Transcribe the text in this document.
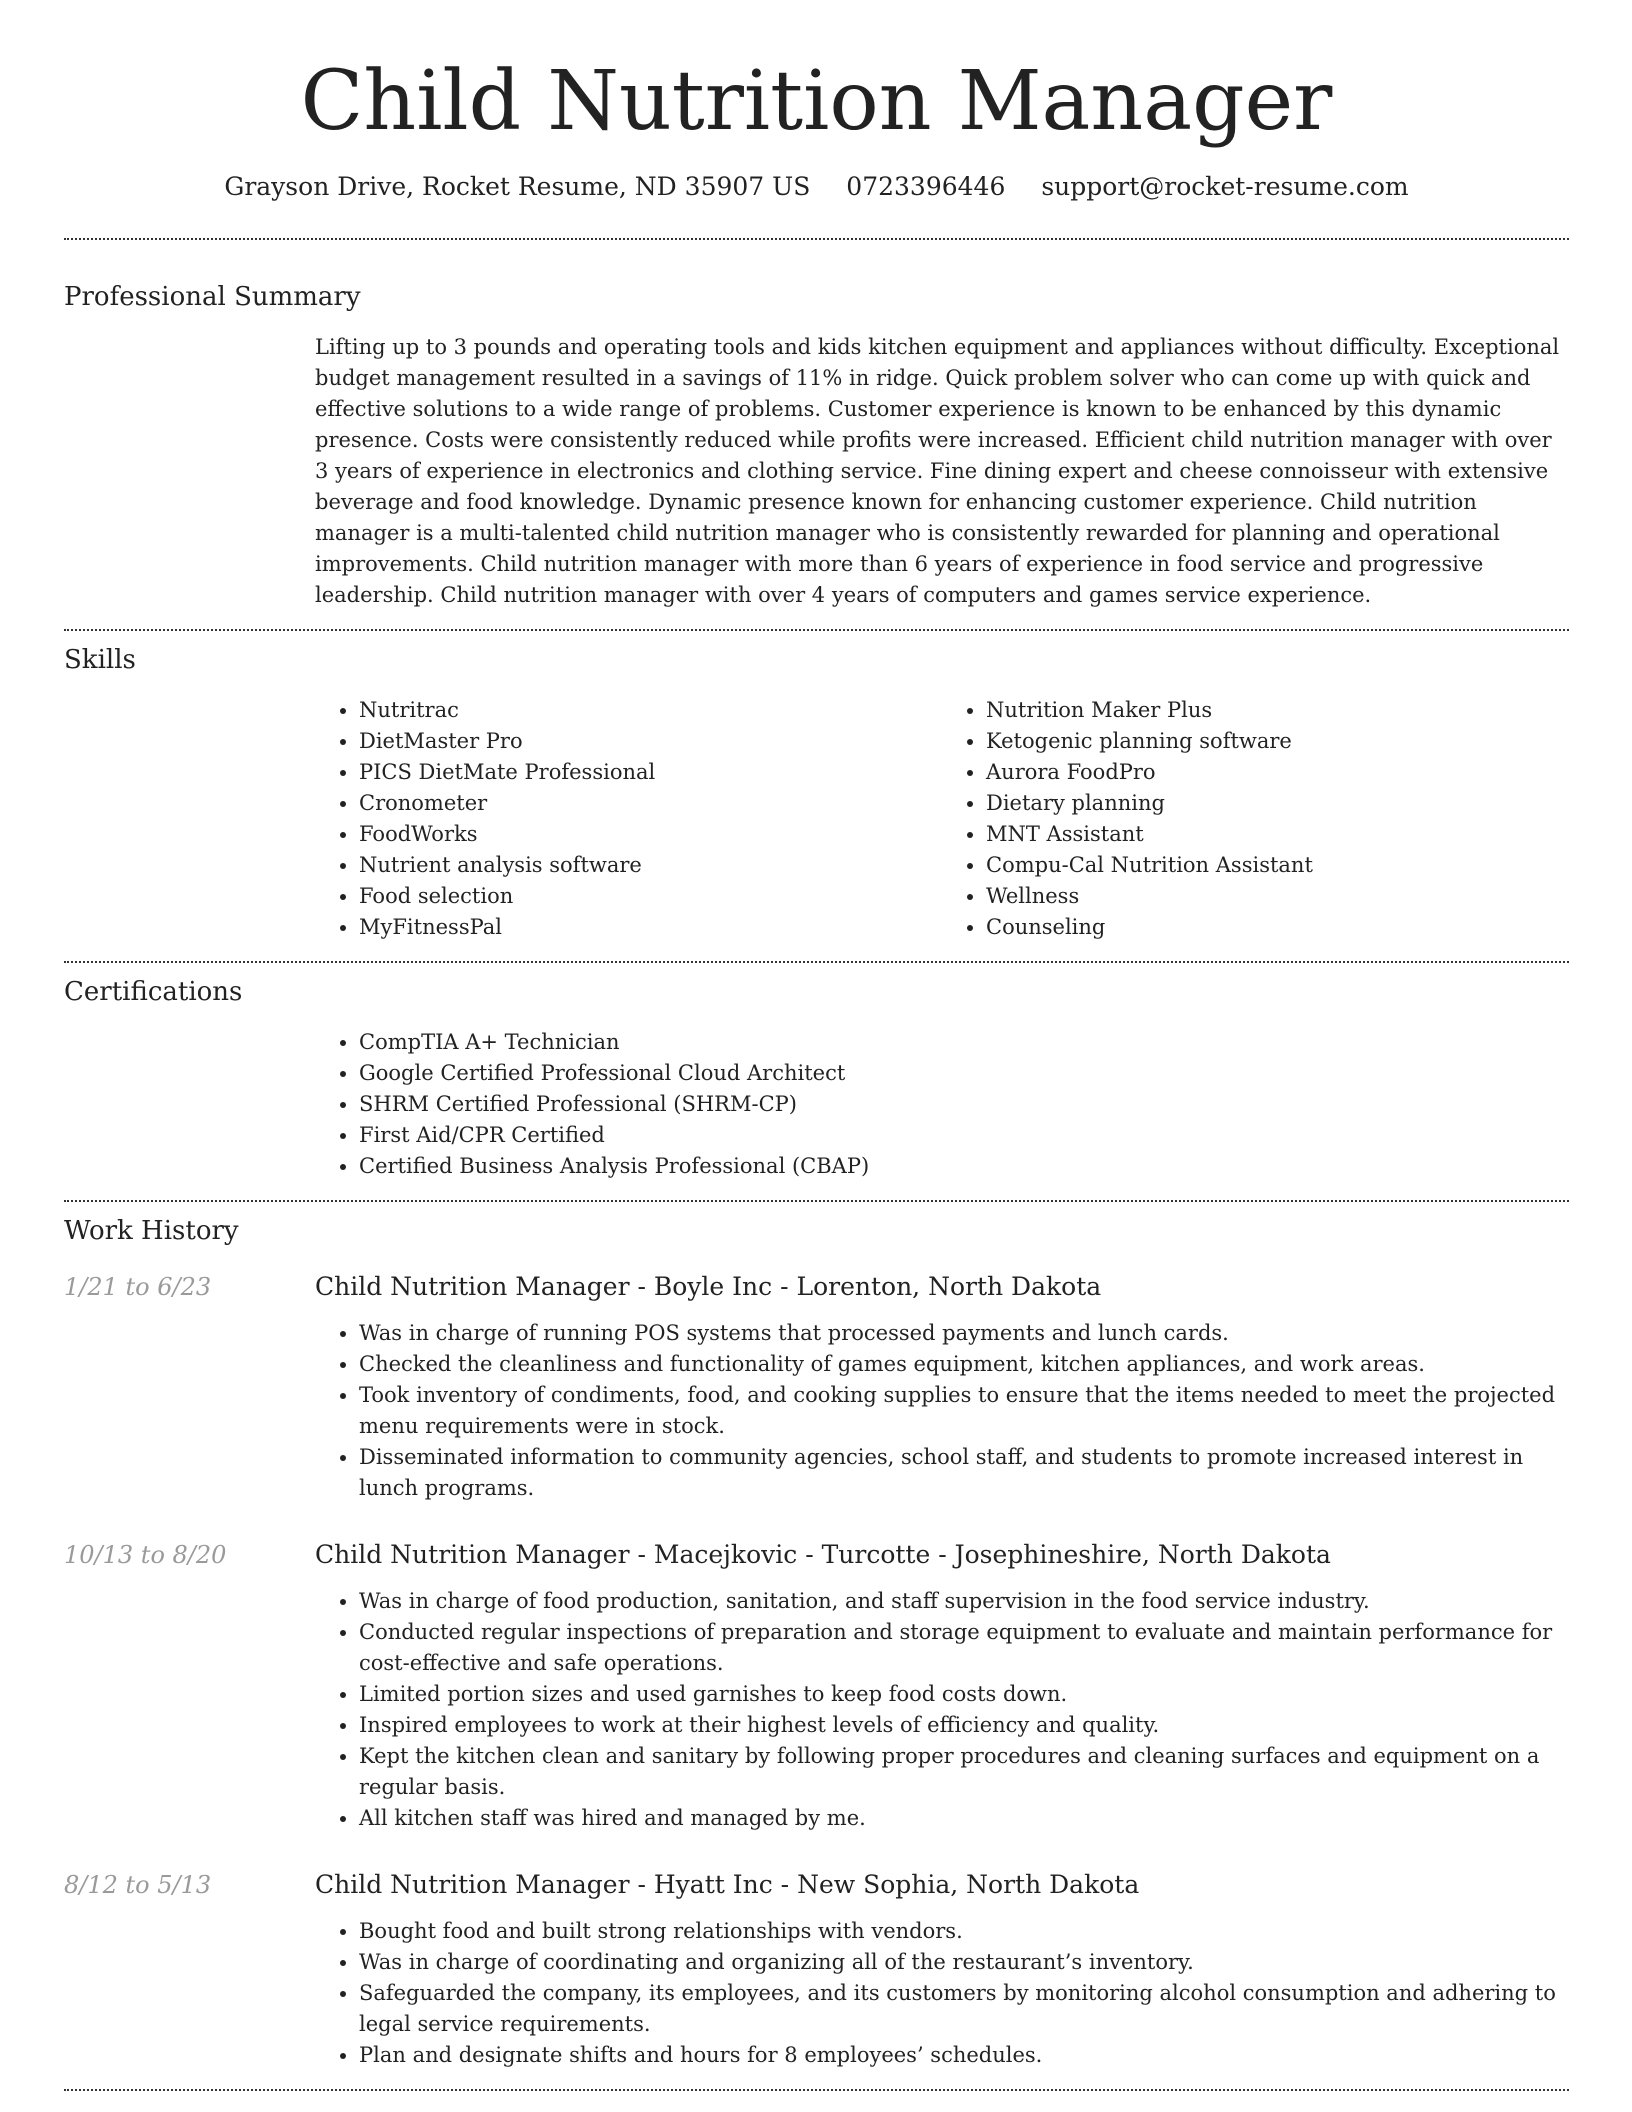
Child Nutrition Manager
Grayson Drive, Rocket Resume, ND 35907 US 0723396446 support@rocket-resume.com
Professional Summary

Lifting up to 3 pounds and operating tools and kids kitchen equipment and appliances without difficulty. Exceptional budget management resulted in a savings of 11% in ridge. Quick problem solver who can come up with quick and effective solutions to a wide range of problems. Customer experience is known to be enhanced by this dynamic presence. Costs were consistently reduced while profits were increased. Efficient child nutrition manager with over 3 years of experience in electronics and clothing service. Fine dining expert and cheese connoisseur with extensive beverage and food knowledge. Dynamic presence known for enhancing customer experience. Child nutrition manager is a multi-talented child nutrition manager who is consistently rewarded for planning and operational improvements. Child nutrition manager with more than 6 years of experience in food service and progressive leadership. Child nutrition manager with over 4 years of computers and games service experience.

Skills
• Nutritrac
• DietMaster Pro
• PICS DietMate Professional
• Cronometer
• FoodWorks
• Nutrient analysis software
• Food selection
• MyFitnessPal
• Nutrition Maker Plus
• Ketogenic planning software
• Aurora FoodPro
• Dietary planning
• MNT Assistant
• Compu-Cal Nutrition Assistant
• Wellness
• Counseling
Certifications
• CompTIA A+ Technician
• Google Certified Professional Cloud Architect
• SHRM Certified Professional (SHRM-CP)
• First Aid/CPR Certified
• Certified Business Analysis Professional (CBAP)
Work History
1/21 to 6/23	Child Nutrition Manager - Boyle Inc - Lorenton, North Dakota
• Was in charge of running POS systems that processed payments and lunch cards.
• Checked the cleanliness and functionality of games equipment, kitchen appliances, and work areas.
• Took inventory of condiments, food, and cooking supplies to ensure that the items needed to meet the projected menu requirements were in stock.
• Disseminated information to community agencies, school staff, and students to promote increased interest in lunch programs.
10/13 to 8/20	Child Nutrition Manager - Macejkovic - Turcotte - Josephineshire, North Dakota
• Was in charge of food production, sanitation, and staff supervision in the food service industry.
• Conducted regular inspections of preparation and storage equipment to evaluate and maintain performance for cost-effective and safe operations.
• Limited portion sizes and used garnishes to keep food costs down.
• Inspired employees to work at their highest levels of efficiency and quality.
• Kept the kitchen clean and sanitary by following proper procedures and cleaning surfaces and equipment on a regular basis.
• All kitchen staff was hired and managed by me.
8/12 to 5/13	Child Nutrition Manager - Hyatt Inc - New Sophia, North Dakota
• Bought food and built strong relationships with vendors.
• Was in charge of coordinating and organizing all of the restaurant’s inventory.
• Safeguarded the company, its employees, and its customers by monitoring alcohol consumption and adhering to legal service requirements.
• Plan and designate shifts and hours for 8 employees’ schedules.
